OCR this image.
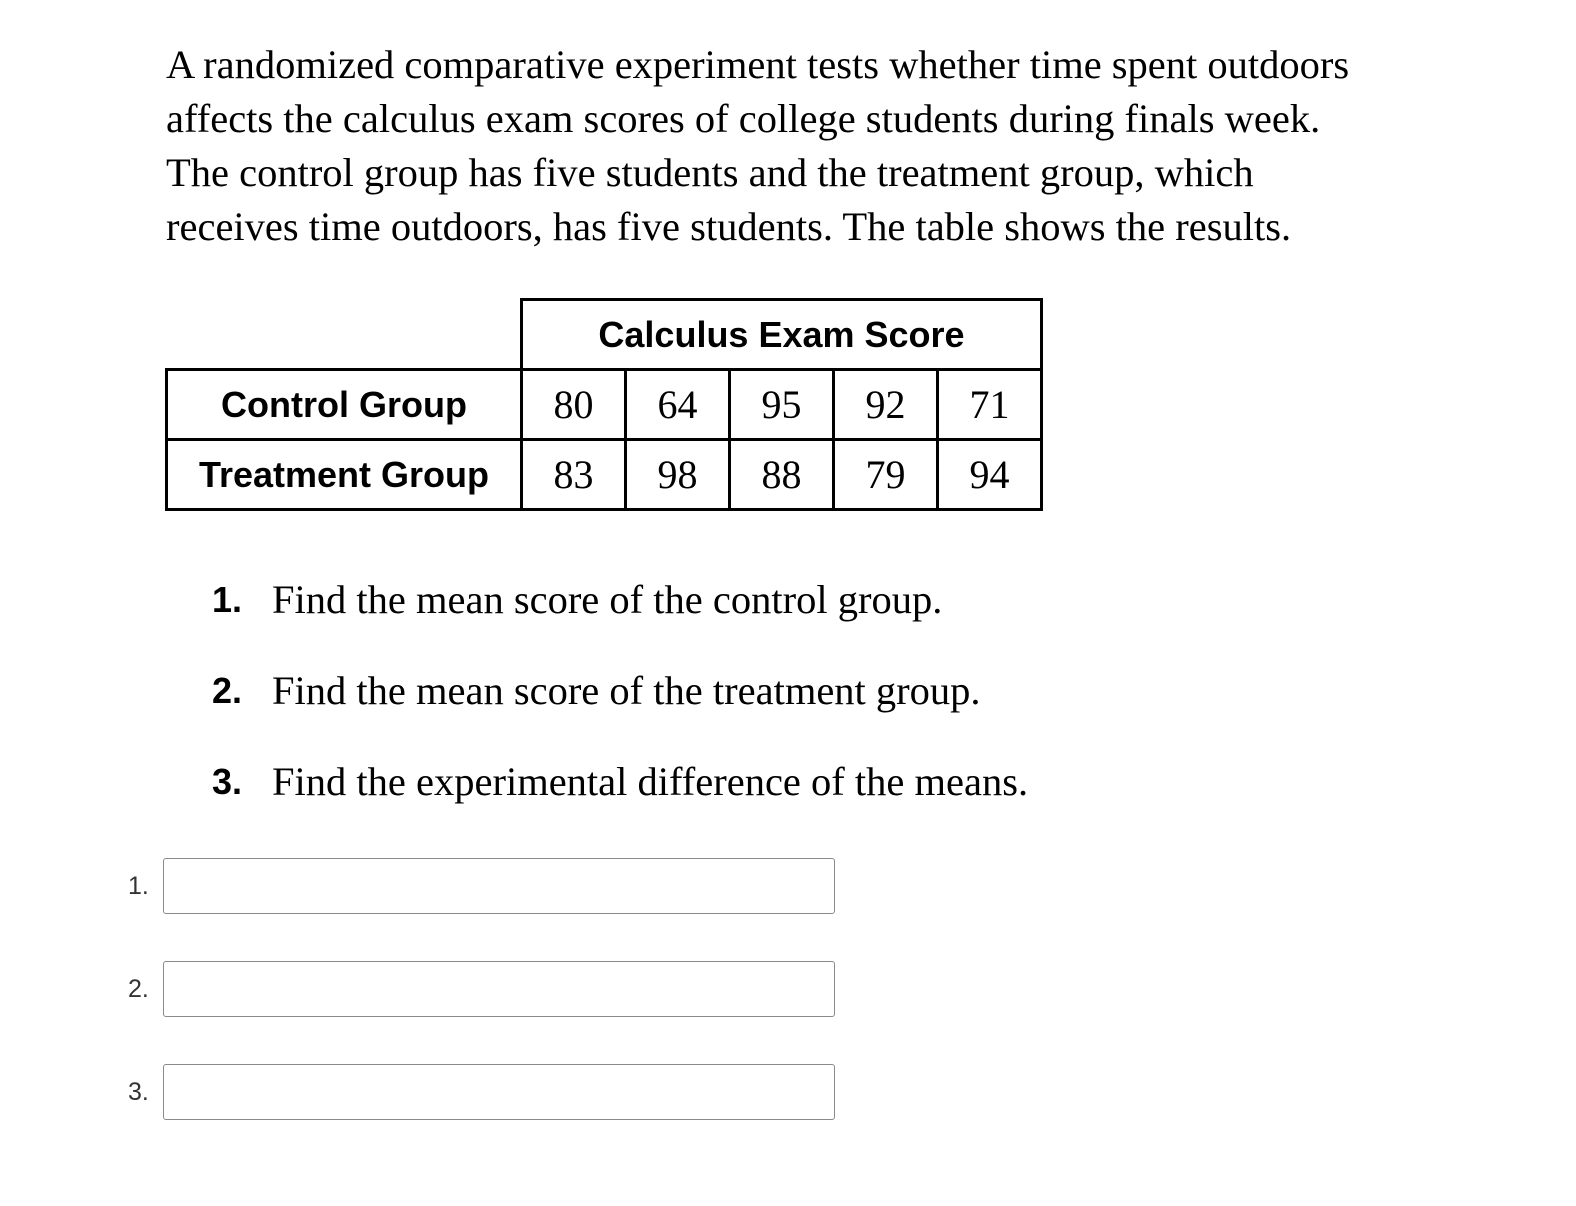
A randomized comparative experiment tests whether time spent outdoors
affects the calculus exam scores of college students during finals week.
The control group has five students and the treatment group, which
receives time outdoors, has five students. The table shows the results.
	Calculus Exam Score				
Control Group	80	64	95	92	71
Treatment Group	83	98	88	79	94
1. Find the mean score of the control group.
2. Find the mean score of the treatment group.
3. Find the experimental difference of the means.
1.
2.
3.
